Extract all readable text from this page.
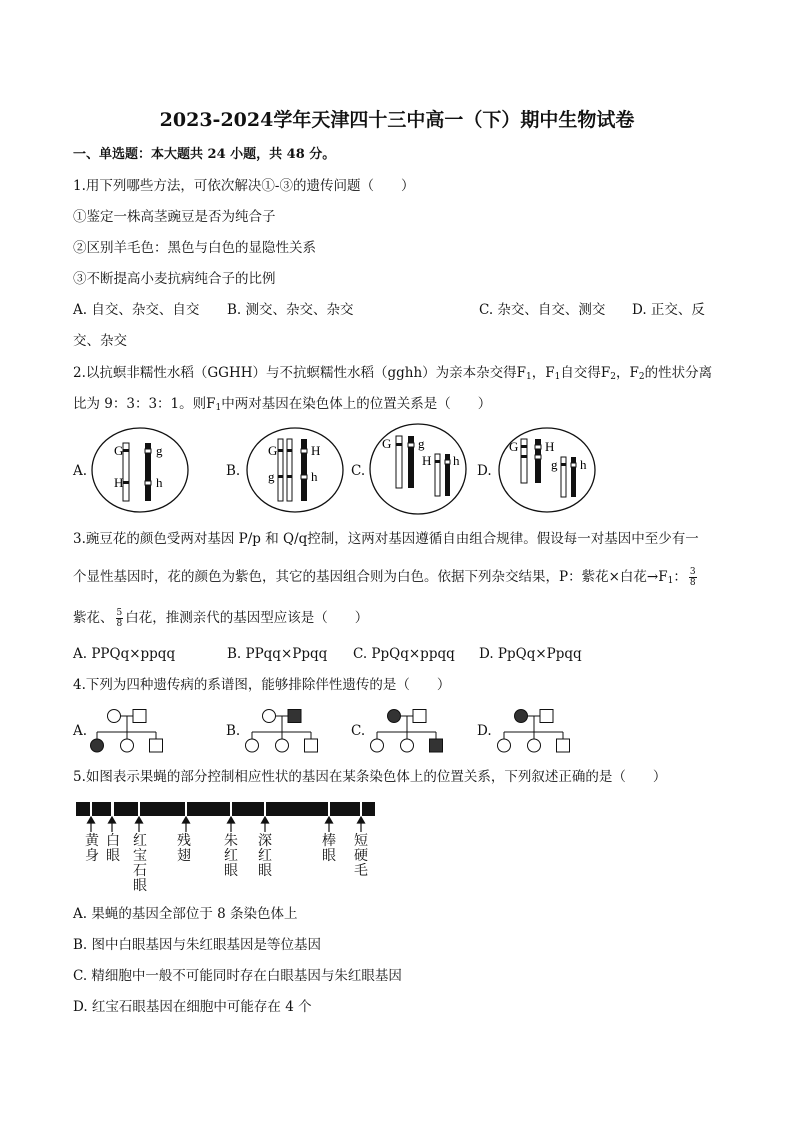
2023-2024学年天津四十三中高一（下）期中生物试卷
一、单选题：本大题共 24 小题，共 48 分。
1.用下列哪些方法，可依次解决①-③的遗传问题（　　）
①鉴定一株高茎豌豆是否为纯合子
②区别羊毛色：黑色与白色的显隐性关系
③不断提高小麦抗病纯合子的比例
A. 自交、杂交、自交 B. 测交、杂交、杂交	C. 杂交、自交、测交 D. 正交、反
交、杂交
2.以抗螟非糯性水稻（GGHH）与不抗螟糯性水稻（gghh）为亲本杂交得$F_1$，$F_1$自交得$F_2$，$F_2$的性状分离
比为 9：3：3：1。则$F_1$中两对基因在染色体上的位置关系是（　　）
A.	B.	C.	D.
G	g
H	h
G	H
g	h
G g
H h
G H
g h
3.豌豆花的颜色受两对基因 P/p 和 Q/q控制，这两对基因遵循自由组合规律。假设每一对基因中至少有一
个显性基因时，花的颜色为紫色，其它的基因组合则为白色。依据下列杂交结果，P：紫花×白花$\to F_1$： $\frac{3}{8}$
紫花、 $\frac{5}{8}$ 白花，推测亲代的基因型应该是（　　）
A. PPQq×ppqq	B. PPqq×Ppqq C. PpQq×ppqq D. PpQq×Ppqq
4.下列为四种遗传病的系谱图，能够排除伴性遗传的是（　　）
A.	B.	C.	D.
5.如图表示果蝇的部分控制相应性状的基因在某条染色体上的位置关系，下列叙述正确的是（　　）
黄身
白眼
红宝石眼
残翅
朱红眼
深红眼
棒眼
短硬毛
A. 果蝇的基因全部位于 8 条染色体上
B. 图中白眼基因与朱红眼基因是等位基因
C. 精细胞中一般不可能同时存在白眼基因与朱红眼基因
D. 红宝石眼基因在细胞中可能存在 4 个
